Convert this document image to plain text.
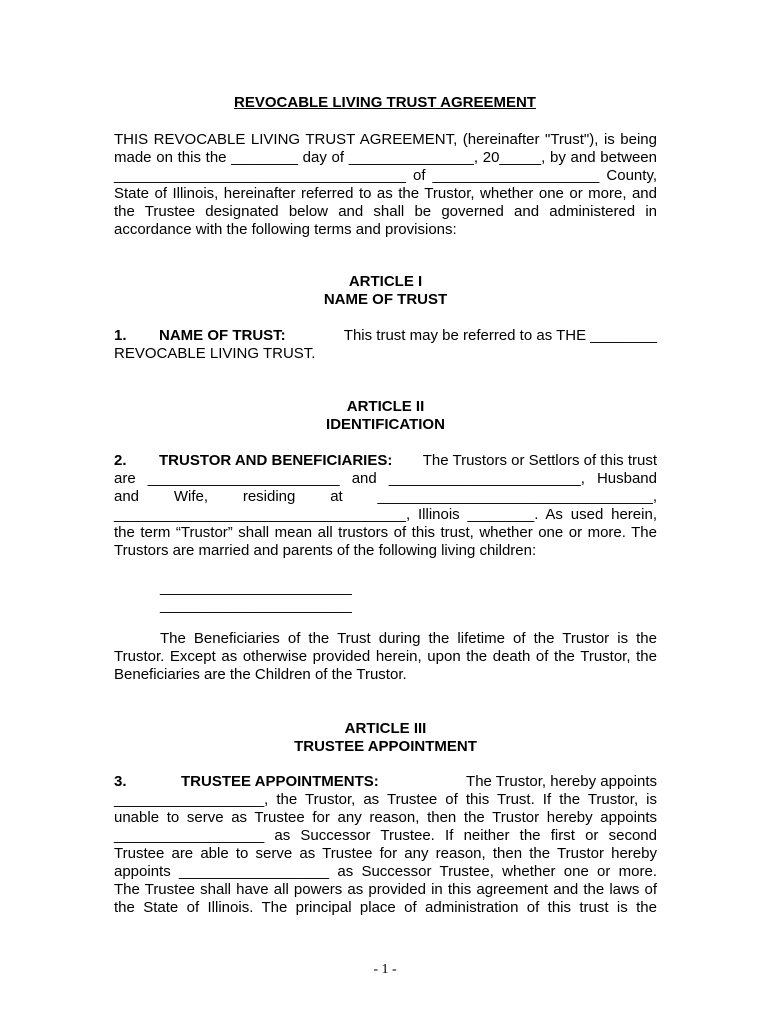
REVOCABLE LIVING TRUST AGREEMENT
THIS REVOCABLE LIVING TRUST AGREEMENT, (hereinafter "Trust"), is being
made on this the ________ day of _______________, 20_____, by and between
___________________________________ of ____________________ County,
State of Illinois, hereinafter referred to as the Trustor, whether one or more, and
the Trustee designated below and shall be governed and administered in
accordance with the following terms and provisions:
ARTICLE I
NAME OF TRUST
1.	NAME OF TRUST:	This trust may be referred to as THE ________
REVOCABLE LIVING TRUST.
ARTICLE II
IDENTIFICATION
2.	TRUSTOR AND BENEFICIARIES:	The Trustors or Settlors of this trust
are _______________________ and _______________________, Husband
and Wife, residing at _________________________________,
___________________________________, Illinois ________. As used herein,
the term “Trustor” shall mean all trustors of this trust, whether one or more. The
Trustors are married and parents of the following living children:
_______________________
_______________________
The Beneficiaries of the Trust during the lifetime of the Trustor is the
Trustor. Except as otherwise provided herein, upon the death of the Trustor, the
Beneficiaries are the Children of the Trustor.
ARTICLE III
TRUSTEE APPOINTMENT
3.	TRUSTEE APPOINTMENTS:	The Trustor, hereby appoints
__________________, the Trustor, as Trustee of this Trust. If the Trustor, is
unable to serve as Trustee for any reason, then the Trustor hereby appoints
__________________ as Successor Trustee. If neither the first or second
Trustee are able to serve as Trustee for any reason, then the Trustor hereby
appoints __________________ as Successor Trustee, whether one or more.
The Trustee shall have all powers as provided in this agreement and the laws of
the State of Illinois. The principal place of administration of this trust is the
- 1 -
